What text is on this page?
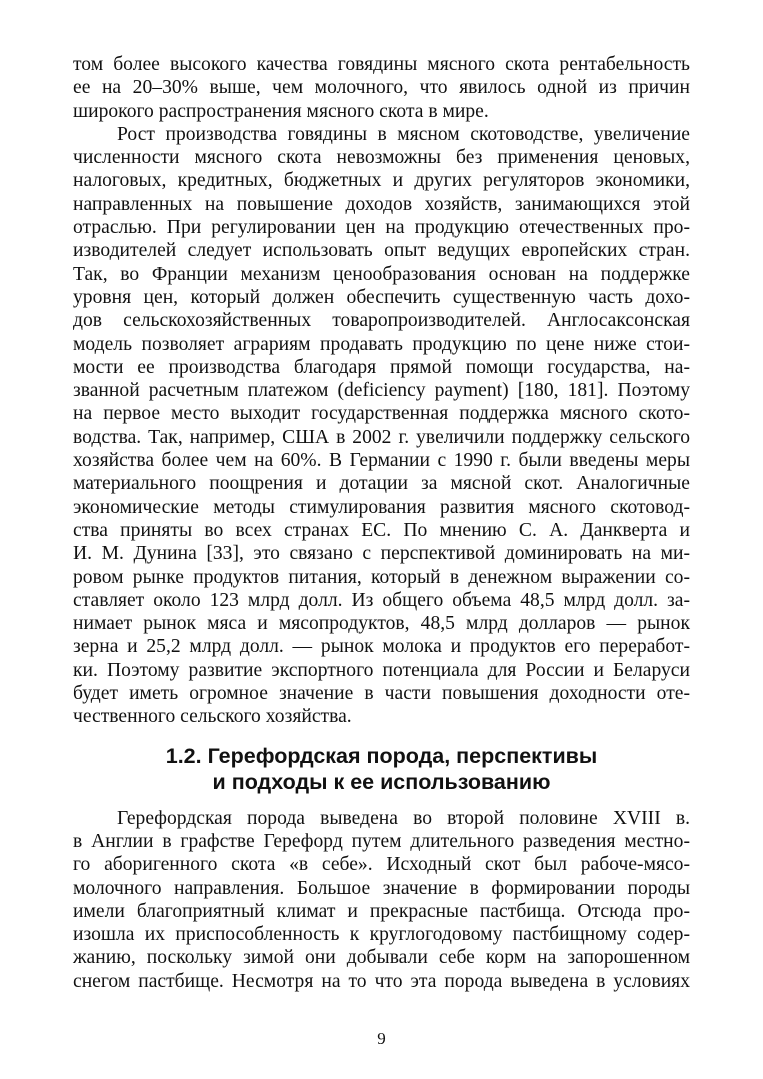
том более высокого качества говядины мясного скота рентабельность
ее на 20–30% выше, чем молочного, что явилось одной из причин
широкого распространения мясного скота в мире.
Рост производства говядины в мясном скотоводстве, увеличение
численности мясного скота невозможны без применения ценовых,
налоговых, кредитных, бюджетных и других регуляторов экономики,
направленных на повышение доходов хозяйств, занимающихся этой
отраслью. При регулировании цен на продукцию отечественных про-
изводителей следует использовать опыт ведущих европейских стран.
Так, во Франции механизм ценообразования основан на поддержке
уровня цен, который должен обеспечить существенную часть дохо-
дов сельскохозяйственных товаропроизводителей. Англосаксонская
модель позволяет аграриям продавать продукцию по цене ниже стои-
мости ее производства благодаря прямой помощи государства, на-
званной расчетным платежом (deficiency payment) [180, 181]. Поэтому
на первое место выходит государственная поддержка мясного ското-
водства. Так, например, США в 2002 г. увеличили поддержку сельского
хозяйства более чем на 60%. В Германии с 1990 г. были введены меры
материального поощрения и дотации за мясной скот. Аналогичные
экономические методы стимулирования развития мясного скотовод-
ства приняты во всех странах ЕС. По мнению С. А. Данкверта и
И. М. Дунина [33], это связано с перспективой доминировать на ми-
ровом рынке продуктов питания, который в денежном выражении со-
ставляет около 123 млрд долл. Из общего объема 48,5 млрд долл. за-
нимает рынок мяса и мясопродуктов, 48,5 млрд долларов — рынок
зерна и 25,2 млрд долл. — рынок молока и продуктов его переработ-
ки. Поэтому развитие экспортного потенциала для России и Беларуси
будет иметь огромное значение в части повышения доходности оте-
чественного сельского хозяйства.
1.2. Герефордская порода, перспективы
и подходы к ее использованию
Герефордская порода выведена во второй половине XVIII в.
в Англии в графстве Герефорд путем длительного разведения местно-
го аборигенного скота «в себе». Исходный скот был рабоче-мясо-
молочного направления. Большое значение в формировании породы
имели благоприятный климат и прекрасные пастбища. Отсюда про-
изошла их приспособленность к круглогодовому пастбищному содер-
жанию, поскольку зимой они добывали себе корм на запорошенном
снегом пастбище. Несмотря на то что эта порода выведена в условиях
9
